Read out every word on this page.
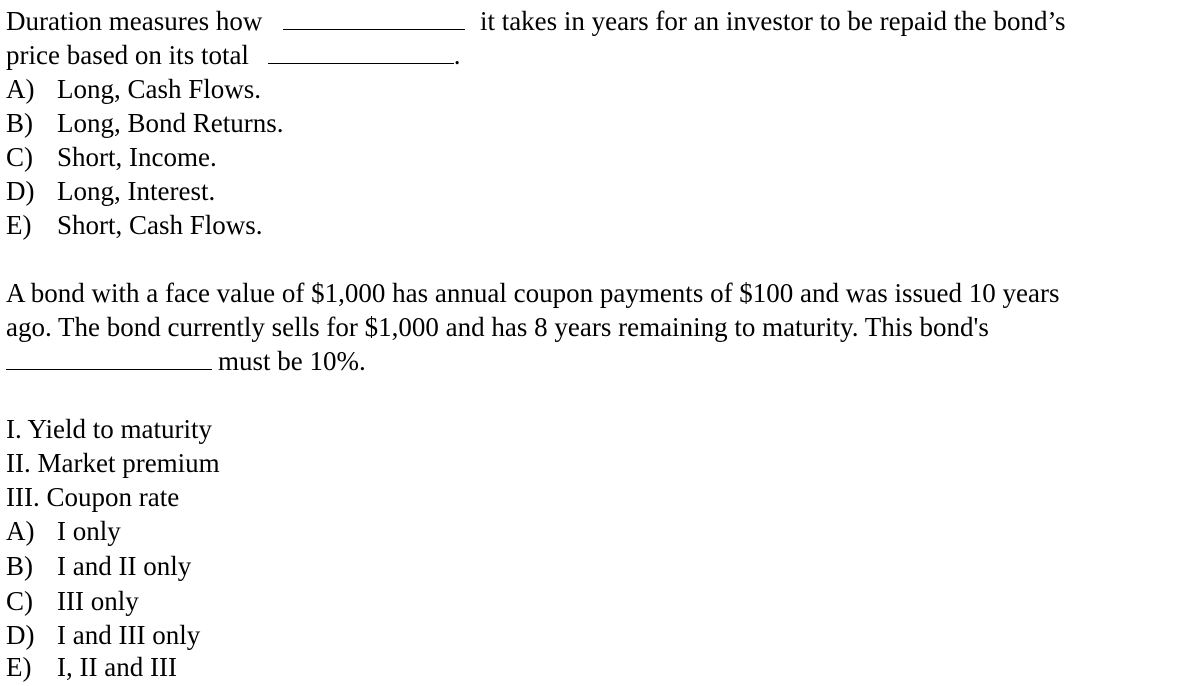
Duration measures how	it takes in years for an investor to be repaid the bond’s
price based on its total	.
A) Long, Cash Flows.
B) Long, Bond Returns.
C) Short, Income.
D) Long, Interest.
E) Short, Cash Flows.
A bond with a face value of $1,000 has annual coupon payments of $100 and was issued 10 years
ago. The bond currently sells for $1,000 and has 8 years remaining to maturity. This bond's
must be 10%.
I. Yield to maturity
II. Market premium
III. Coupon rate
A) I only
B) I and II only
C) III only
D) I and III only
E) I, II and III
